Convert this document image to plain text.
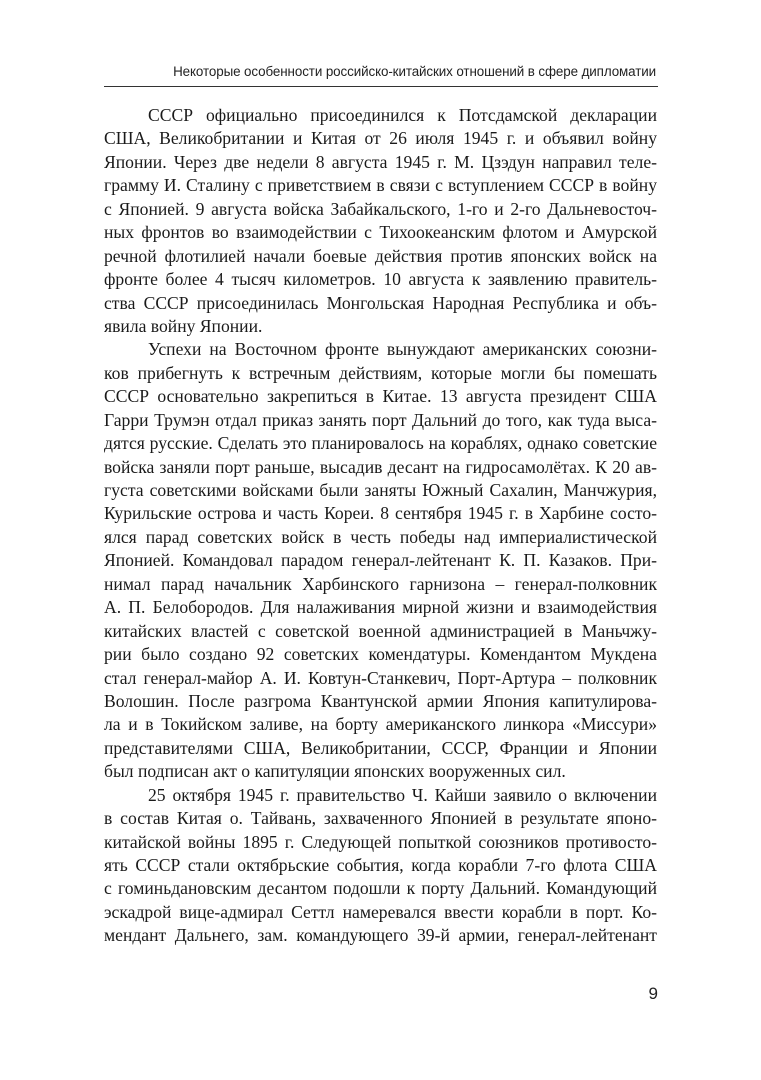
Некоторые особенности российско-китайских отношений в сфере дипломатии
СССР официально присоединился к Потсдамской декларации
США, Великобритании и Китая от 26 июля 1945 г. и объявил войну
Японии. Через две недели 8 августа 1945 г. М. Цзэдун направил теле-
грамму И. Сталину с приветствием в связи с вступлением СССР в войну
с Японией. 9 августа войска Забайкальского, 1-го и 2-го Дальневосточ-
ных фронтов во взаимодействии с Тихоокеанским флотом и Амурской
речной флотилией начали боевые действия против японских войск на
фронте более 4 тысяч километров. 10 августа к заявлению правитель-
ства СССР присоединилась Монгольская Народная Республика и объ-
явила войну Японии.
Успехи на Восточном фронте вынуждают американских союзни-
ков прибегнуть к встречным действиям, которые могли бы помешать
СССР основательно закрепиться в Китае. 13 августа президент США
Гарри Трумэн отдал приказ занять порт Дальний до того, как туда выса-
дятся русские. Сделать это планировалось на кораблях, однако советские
войска заняли порт раньше, высадив десант на гидросамолётах. К 20 ав-
густа советскими войсками были заняты Южный Сахалин, Манчжурия,
Курильские острова и часть Кореи. 8 сентября 1945 г. в Харбине состо-
ялся парад советских войск в честь победы над империалистической
Японией. Командовал парадом генерал-лейтенант К. П. Казаков. При-
нимал парад начальник Харбинского гарнизона – генерал-полковник
А. П. Белобородов. Для налаживания мирной жизни и взаимодействия
китайских властей с советской военной администрацией в Маньчжу-
рии было создано 92 советских комендатуры. Комендантом Мукдена
стал генерал-майор А. И. Ковтун-Станкевич, Порт-Артура – полковник
Волошин. После разгрома Квантунской армии Япония капитулирова-
ла и в Токийском заливе, на борту американского линкора «Миссури»
представителями США, Великобритании, СССР, Франции и Японии
был подписан акт о капитуляции японских вооруженных сил.
25 октября 1945 г. правительство Ч. Кайши заявило о включении
в состав Китая о. Тайвань, захваченного Японией в результате японо-
китайской войны 1895 г. Следующей попыткой союзников противосто-
ять СССР стали октябрьские события, когда корабли 7-го флота США
с гоминьдановским десантом подошли к порту Дальний. Командующий
эскадрой вице-адмирал Сеттл намеревался ввести корабли в порт. Ко-
мендант Дальнего, зам. командующего 39-й армии, генерал-лейтенант
9
